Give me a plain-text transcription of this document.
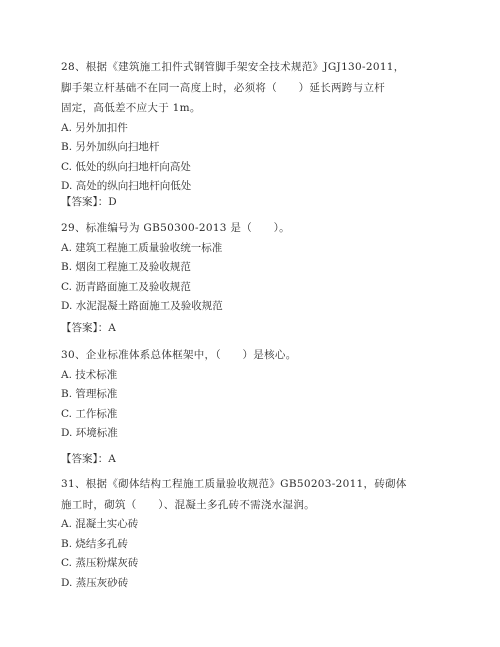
28、根据《建筑施工扣件式钢管脚手架安全技术规范》JGJ130-2011，
脚手架立杆基础不在同一高度上时，必须将（　　）延长两跨与立杆
固定，高低差不应大于 1m。
A. 另外加扣件
B. 另外加纵向扫地杆
C. 低处的纵向扫地杆向高处
D. 高处的纵向扫地杆向低处
【答案】：D
29、标准编号为 GB50300-2013 是（　　）。
A. 建筑工程施工质量验收统一标准
B. 烟囱工程施工及验收规范
C. 沥青路面施工及验收规范
D. 水泥混凝土路面施工及验收规范
【答案】：A
30、企业标准体系总体框架中，（　　）是核心。
A. 技术标准
B. 管理标准
C. 工作标准
D. 环境标准
【答案】：A
31、根据《砌体结构工程施工质量验收规范》GB50203-2011，砖砌体
施工时，砌筑（　　）、混凝土多孔砖不需浇水湿润。
A. 混凝土实心砖
B. 烧结多孔砖
C. 蒸压粉煤灰砖
D. 蒸压灰砂砖
